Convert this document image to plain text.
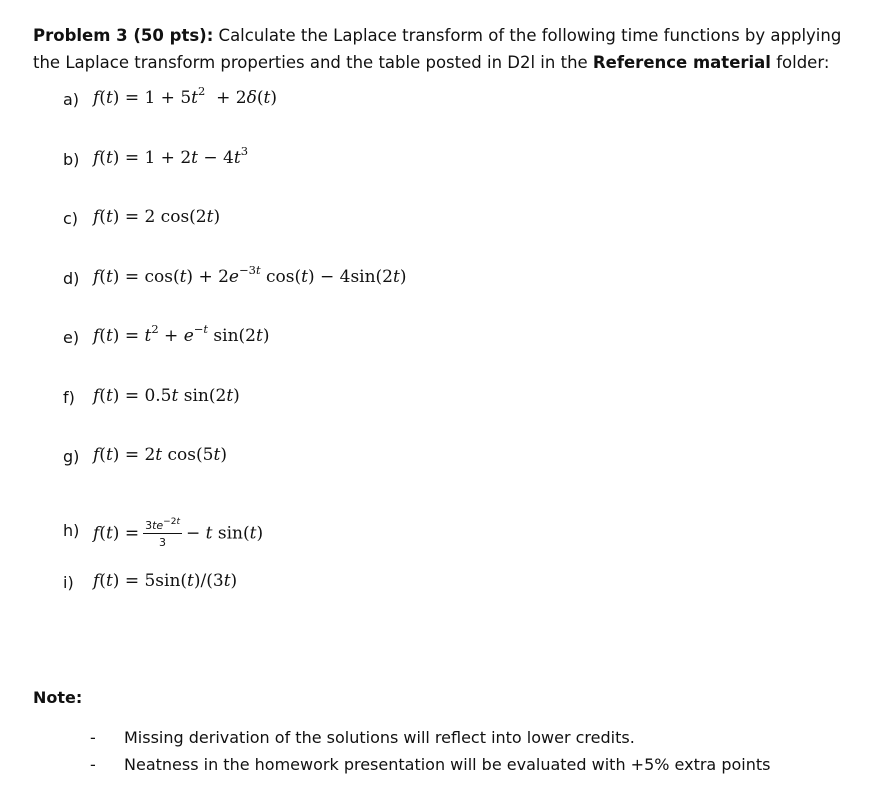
Problem 3 (50 pts): Calculate the Laplace transform of the following time functions by applying the Laplace transform properties and the table posted in D2l in the Reference material folder:
a) $f(t) = 1 + 5t^2 + 2\delta(t)$
b) $f(t) = 1 + 2t - 4t^3$
c) f(t) = 2 cos(2t)
d) $f(t) = \cos(t) + 2e^{-3t}$ cos(t) − 4sin(2t)
e) $f(t) = t^2 + e^{-t}$ sin(2t)
f)	f(t) = 0.5t sin(2t)
g) f(t) = 2t cos(5t)
h) $f(t) = \frac{3te^{-2t}}{3} - t$ sin(t)
i)	f(t) = 5sin(t)/(3t)
Note:
-	Missing derivation of the solutions will reflect into lower credits.
-	Neatness in the homework presentation will be evaluated with +5% extra points
